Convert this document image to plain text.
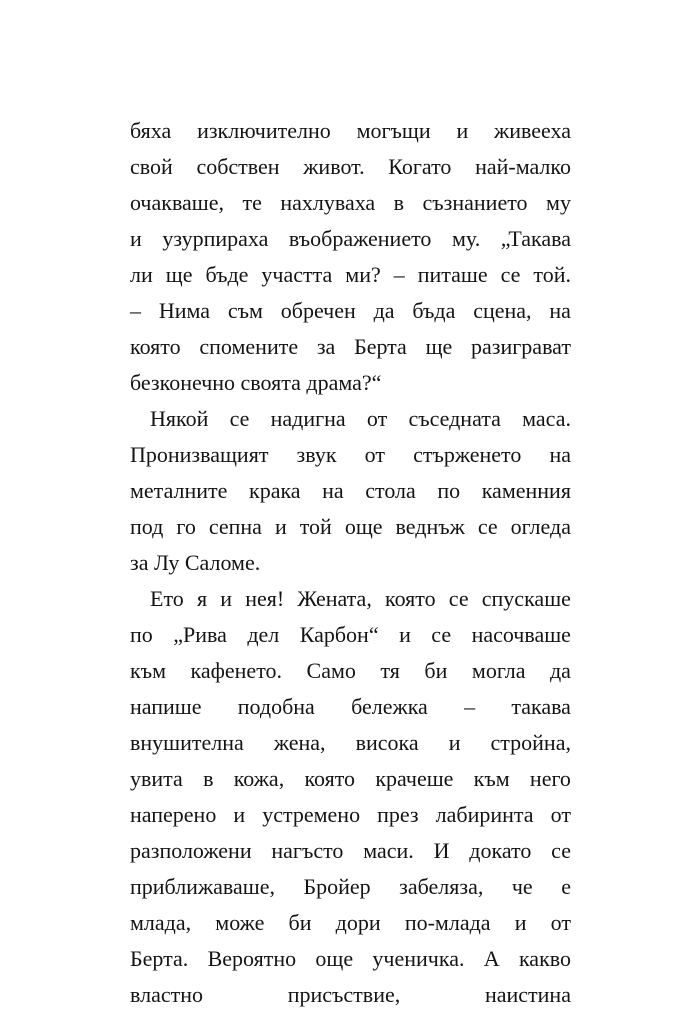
бяха изключително могъщи и живееха
свой собствен живот. Когато най-малко
очакваше, те нахлуваха в съзнанието му
и узурпираха въображението му. „Такава
ли ще бъде участта ми? – питаше се той.
– Нима съм обречен да бъда сцена, на
която спомените за Берта ще разиграват
безконечно своята драма?“
Някой се надигна от съседната маса.
Пронизващият звук от стърженето на
металните крака на стола по каменния
под го сепна и той още веднъж се огледа
за Лу Саломе.
Ето я и нея! Жената, която се спускаше
по „Рива дел Карбон“ и се насочваше
към кафенето. Само тя би могла да
напише подобна бележка – такава
внушителна жена, висока и стройна,
увита в кожа, която крачеше към него
наперено и устремено през лабиринта от
разположени нагъсто маси. И докато се
приближаваше, Бройер забеляза, че е
млада, може би дори по-млада и от
Берта. Вероятно още ученичка. А какво
властно	присъствие,	наистина
